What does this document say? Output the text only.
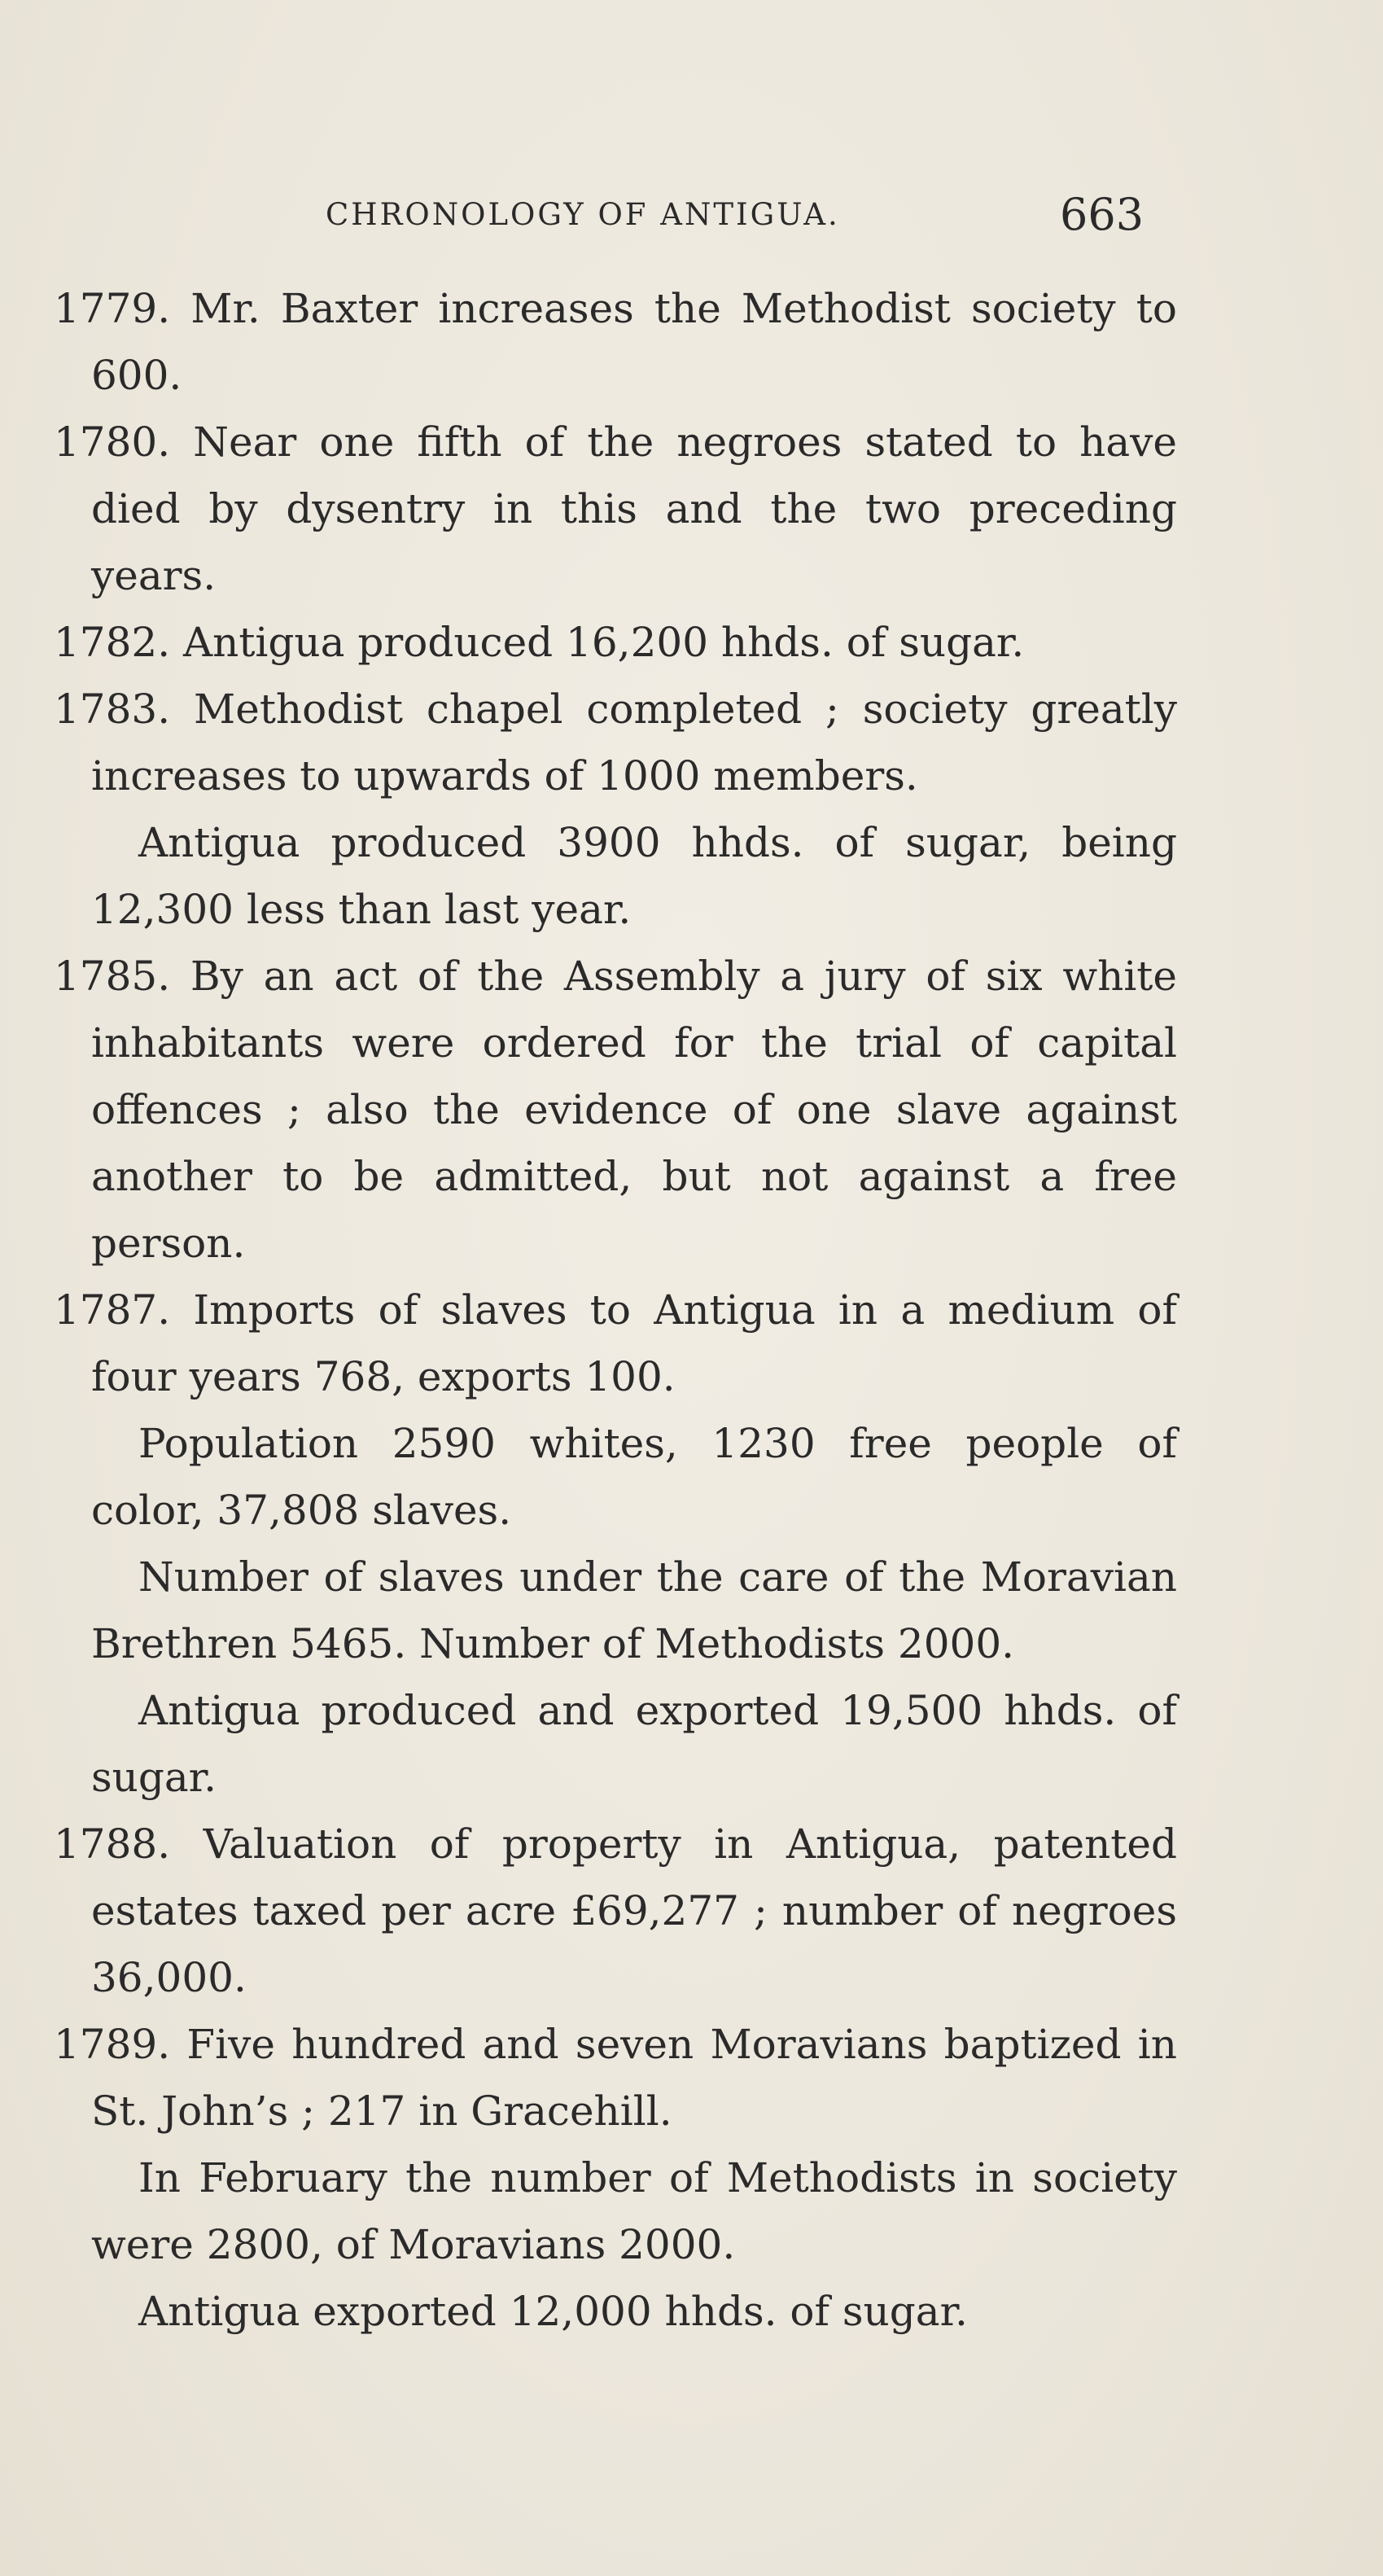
CHRONOLOGY OF ANTIGUA.	663

1779. Mr. Baxter increases the Methodist society to 600.

1780. Near one fifth of the negroes stated to have died by dysentry in this and the two preceding years.

1782. Antigua produced 16,200 hhds. of sugar.

1783. Methodist chapel completed ; society greatly increases to upwards of 1000 members.

Antigua produced 3900 hhds. of sugar, being 12,300 less than last year.

1785. By an act of the Assembly a jury of six white inhabitants were ordered for the trial of capital offences ; also the evidence of one slave against another to be admitted, but not against a free person.

1787. Imports of slaves to Antigua in a medium of four years 768, exports 100.

Population 2590 whites, 1230 free people of color, 37,808 slaves.

Number of slaves under the care of the Moravian Brethren 5465. Number of Methodists 2000.

Antigua produced and exported 19,500 hhds. of sugar.

1788. Valuation of property in Antigua, patented estates taxed per acre £69,277 ; number of negroes 36,000.

1789. Five hundred and seven Moravians baptized in St. John’s ; 217 in Gracehill.

In February the number of Methodists in society were 2800, of Moravians 2000.

Antigua exported 12,000 hhds. of sugar.
